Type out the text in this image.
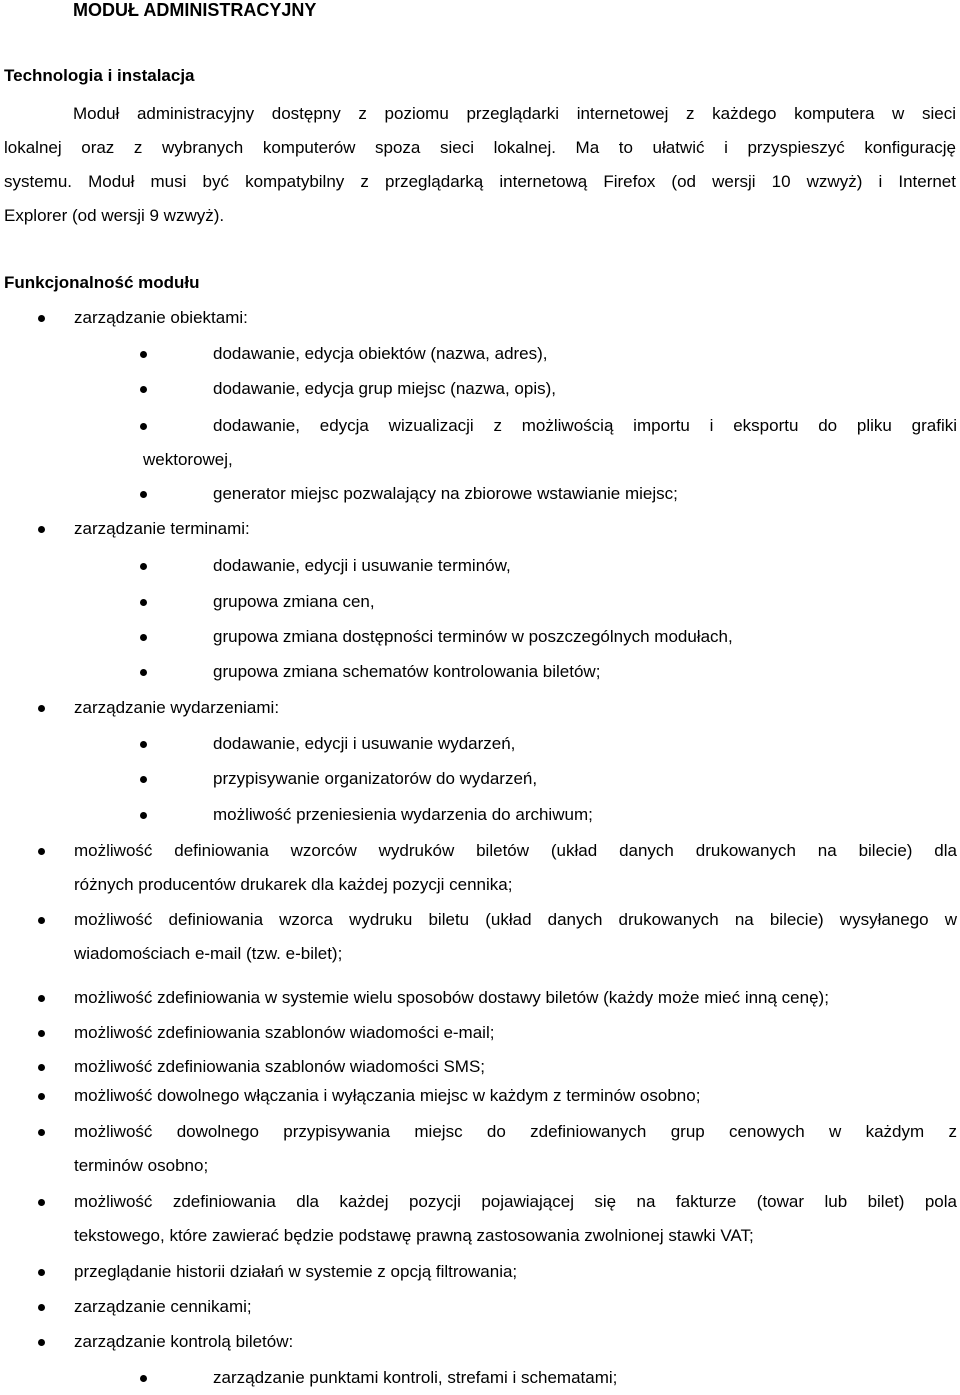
MODUŁ ADMINISTRACYJNY
Technologia i instalacja
Moduł administracyjny dostępny z poziomu przeglądarki internetowej z każdego komputera w sieci
lokalnej oraz z wybranych komputerów spoza sieci lokalnej. Ma to ułatwić i przyspieszyć konfigurację
systemu. Moduł musi być kompatybilny z przeglądarką internetową Firefox (od wersji 10 wzwyż) i Internet
Explorer (od wersji 9 wzwyż).
Funkcjonalność modułu
zarządzanie obiektami:
dodawanie, edycja obiektów (nazwa, adres),
dodawanie, edycja grup miejsc (nazwa, opis),
dodawanie, edycja wizualizacji z możliwością importu i eksportu do pliku grafiki
wektorowej,
generator miejsc pozwalający na zbiorowe wstawianie miejsc;
zarządzanie terminami:
dodawanie, edycji i usuwanie terminów,
grupowa zmiana cen,
grupowa zmiana dostępności terminów w poszczególnych modułach,
grupowa zmiana schematów kontrolowania biletów;
zarządzanie wydarzeniami:
dodawanie, edycji i usuwanie wydarzeń,
przypisywanie organizatorów do wydarzeń,
możliwość przeniesienia wydarzenia do archiwum;
możliwość definiowania wzorców wydruków biletów (układ danych drukowanych na bilecie) dla
różnych producentów drukarek dla każdej pozycji cennika;
możliwość definiowania wzorca wydruku biletu (układ danych drukowanych na bilecie) wysyłanego w
wiadomościach e-mail (tzw. e-bilet);
możliwość zdefiniowania w systemie wielu sposobów dostawy biletów (każdy może mieć inną cenę);
możliwość zdefiniowania szablonów wiadomości e-mail;
możliwość zdefiniowania szablonów wiadomości SMS;
możliwość dowolnego włączania i wyłączania miejsc w każdym z terminów osobno;
możliwość dowolnego przypisywania miejsc do zdefiniowanych grup cenowych w każdym z
terminów osobno;
możliwość zdefiniowania dla każdej pozycji pojawiającej się na fakturze (towar lub bilet) pola
tekstowego, które zawierać będzie podstawę prawną zastosowania zwolnionej stawki VAT;
przeglądanie historii działań w systemie z opcją filtrowania;
zarządzanie cennikami;
zarządzanie kontrolą biletów:
zarządzanie punktami kontroli, strefami i schematami;
